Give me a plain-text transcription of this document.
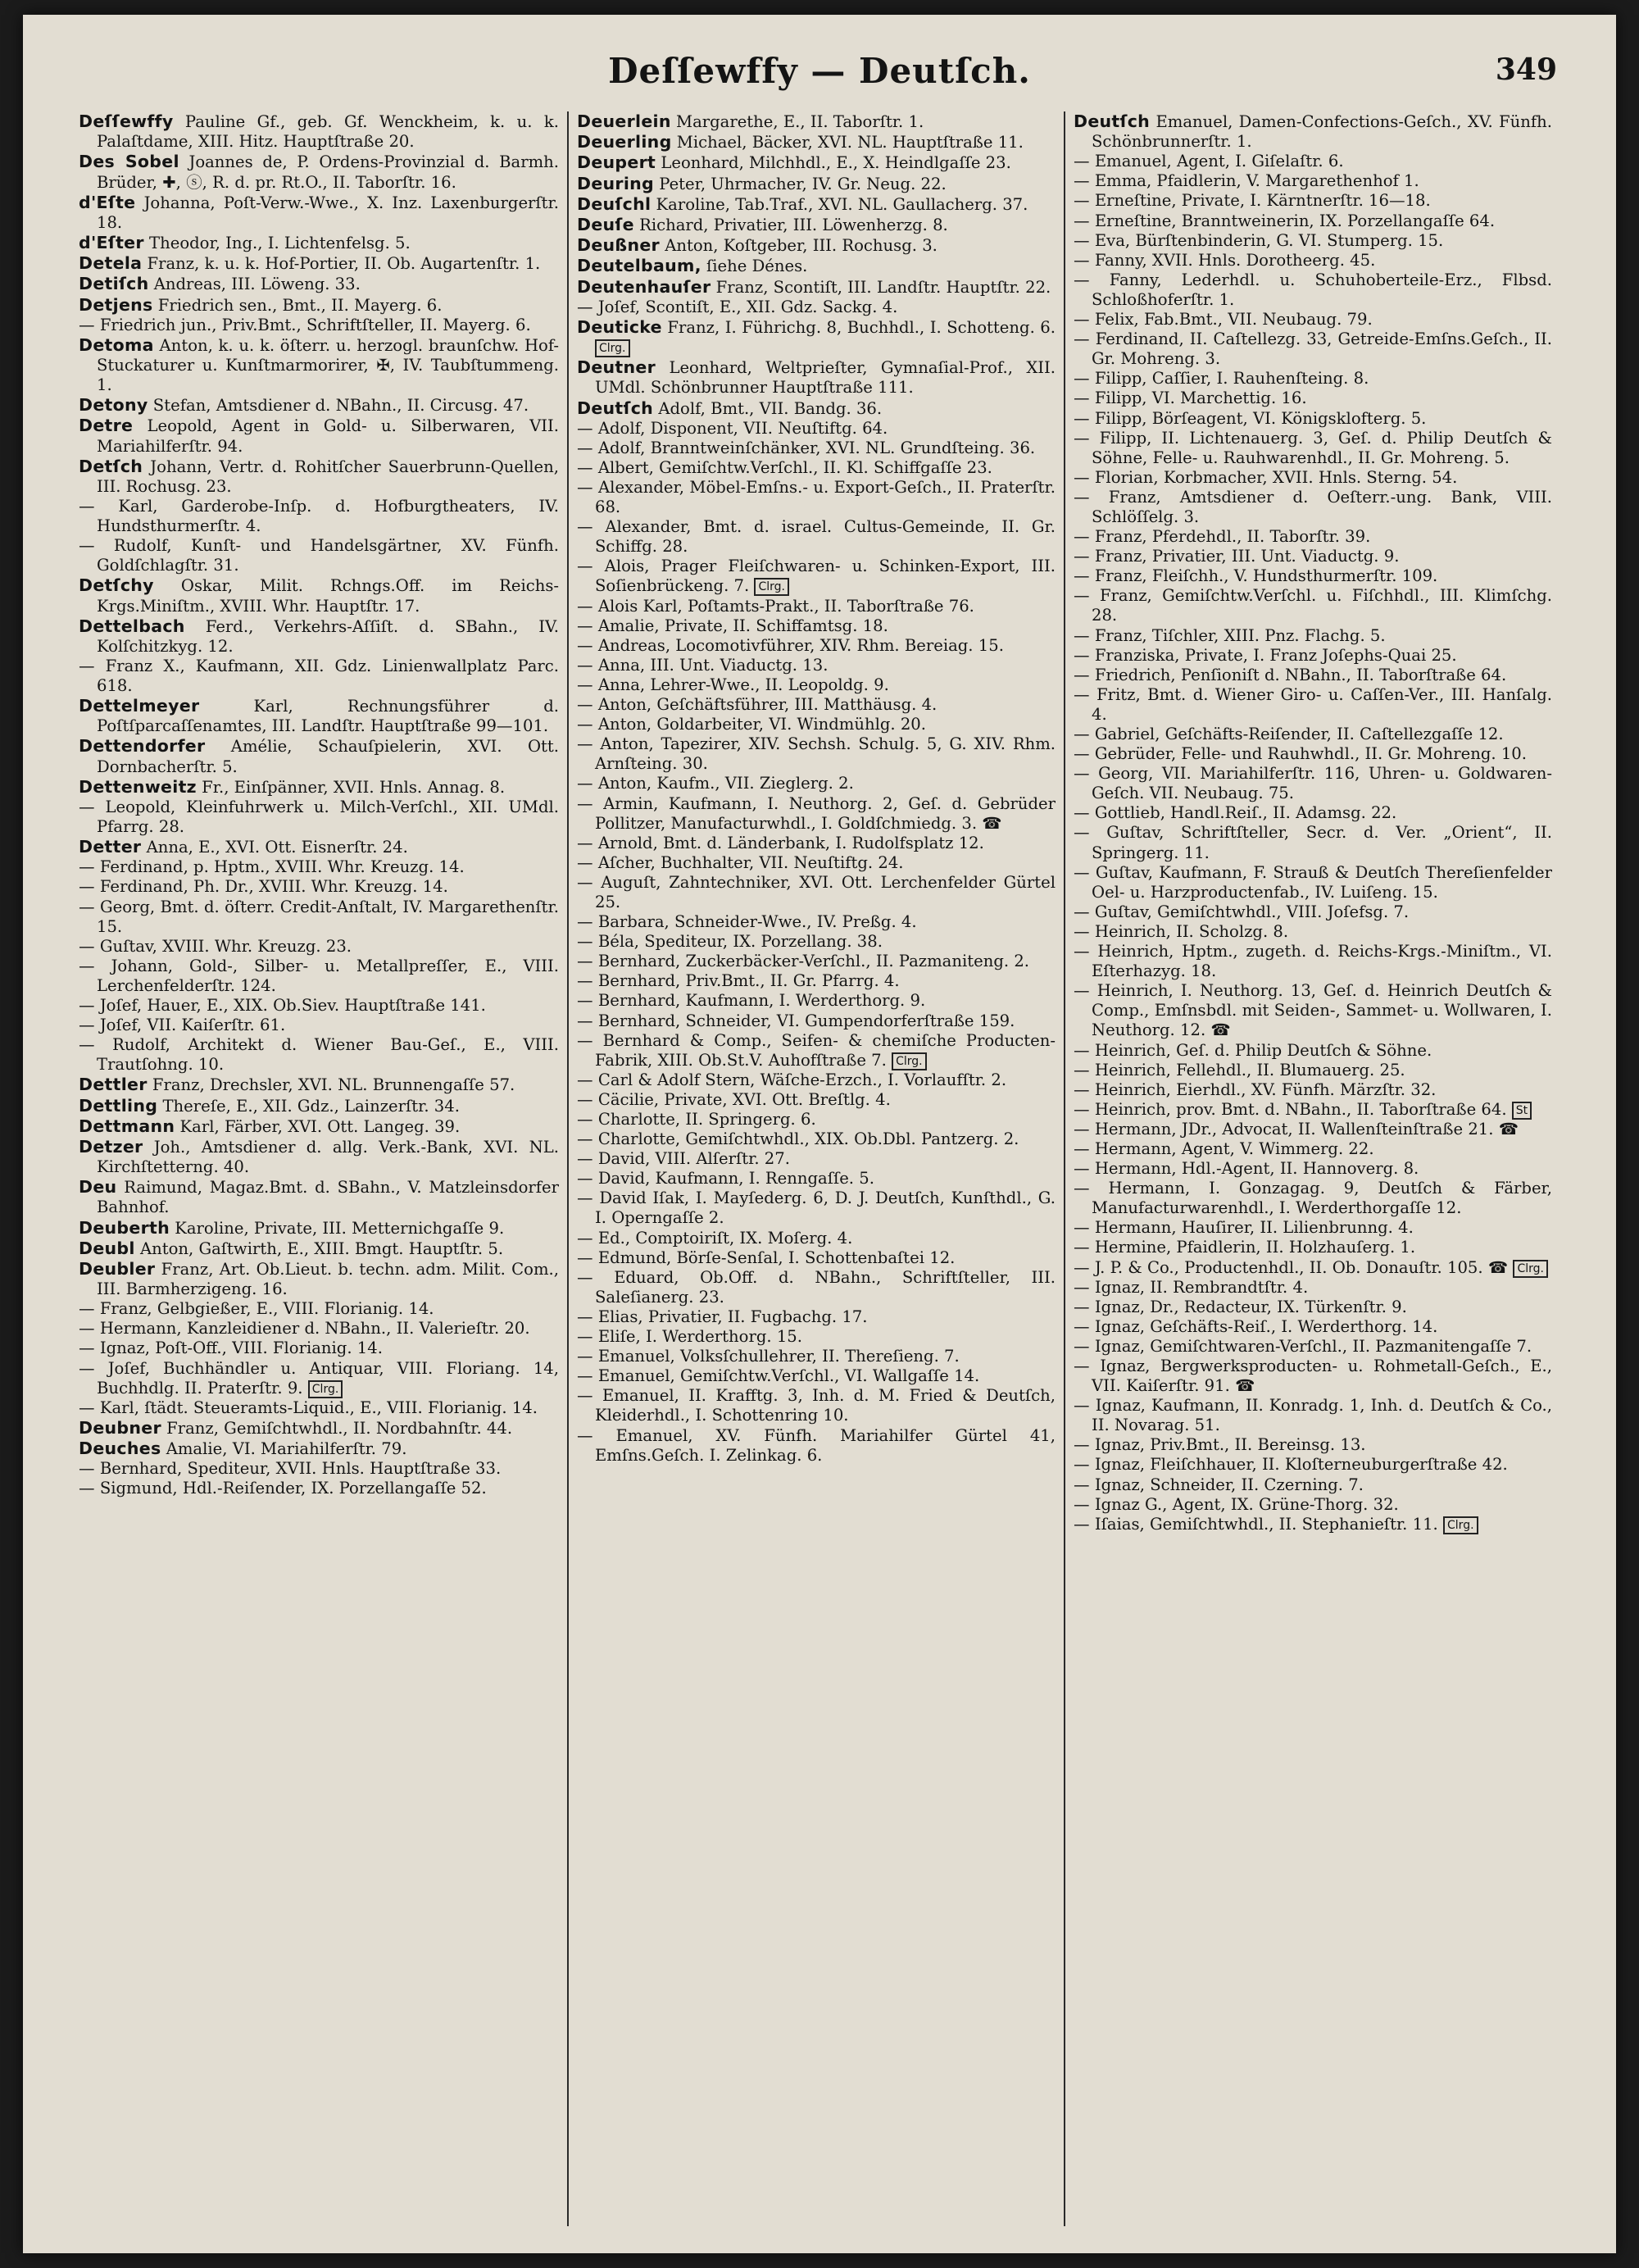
Deſſewffy — Deutſch.	349

Deſſewffy Pauline Gf., geb. Gf. Wenckheim, k. u. k. Palaſtdame, XIII. Hitz. Hauptſtraße 20.

Des Sobel Joannes de, P. Ordens-Provinzial d. Barmh. Brüder, ✚, ⓢ, R. d. pr. Rt.O., II. Taborſtr. 16.

d'Eſte Johanna, Poſt-Verw.-Wwe., X. Inz. Laxenburgerſtr. 18.

d'Eſter Theodor, Ing., I. Lichtenfelsg. 5.

Detela Franz, k. u. k. Hof-Portier, II. Ob. Augartenſtr. 1.

Detiſch Andreas, III. Löweng. 33.

Detjens Friedrich sen., Bmt., II. Mayerg. 6.

— Friedrich jun., Priv.Bmt., Schriftſteller, II. Mayerg. 6.

Detoma Anton, k. u. k. öſterr. u. herzogl. braunſchw. Hof-Stuckaturer u. Kunſtmarmorirer, ✠, IV. Taubſtummeng. 1.

Detony Stefan, Amtsdiener d. NBahn., II. Circusg. 47.

Detre Leopold, Agent in Gold- u. Silberwaren, VII. Mariahilferſtr. 94.

Detſch Johann, Vertr. d. Rohitſcher Sauerbrunn-Quellen, III. Rochusg. 23.

— Karl, Garderobe-Inſp. d. Hofburgtheaters, IV. Hundsthurmerſtr. 4.

— Rudolf, Kunſt- und Handelsgärtner, XV. Fünfh. Goldſchlagſtr. 31.

Detſchy Oskar, Milit. Rchngs.Off. im Reichs-Krgs.Miniſtm., XVIII. Whr. Hauptſtr. 17.

Dettelbach Ferd., Verkehrs-Aſſiſt. d. SBahn., IV. Kolſchitzkyg. 12.

— Franz X., Kaufmann, XII. Gdz. Linienwallplatz Parc. 618.

Dettelmeyer	Karl, Rechnungsführer d. Poſtſparcaſſenamtes, III. Landſtr. Hauptſtraße 99—101.

Dettendorfer Amélie, Schauſpielerin, XVI. Ott. Dornbacherſtr. 5.

Dettenweitz Fr., Einſpänner, XVII. Hnls. Annag. 8.

— Leopold, Kleinfuhrwerk u. Milch-Verſchl., XII. UMdl. Pfarrg. 28.

Detter Anna, E., XVI. Ott. Eisnerſtr. 24.

— Ferdinand, p. Hptm., XVIII. Whr. Kreuzg. 14.

— Ferdinand, Ph. Dr., XVIII. Whr. Kreuzg. 14.

— Georg, Bmt. d. öſterr. Credit-Anſtalt, IV. Margarethenſtr. 15.

— Guſtav, XVIII. Whr. Kreuzg. 23.

— Johann, Gold-, Silber- u. Metallpreſſer, E., VIII. Lerchenfelderſtr. 124.

— Joſef, Hauer, E., XIX. Ob.Siev. Hauptſtraße 141.

— Joſef, VII. Kaiſerſtr. 61.

— Rudolf, Architekt d. Wiener Bau-Geſ., E., VIII. Trautſohng. 10.

Dettler Franz, Drechsler, XVI. NL. Brunnengaſſe 57.

Dettling Thereſe, E., XII. Gdz., Lainzerſtr. 34.

Dettmann Karl, Färber, XVI. Ott. Langeg. 39.

Detzer Joh., Amtsdiener d. allg. Verk.-Bank, XVI. NL. Kirchſtetterng. 40.

Deu Raimund, Magaz.Bmt. d. SBahn., V. Matzleinsdorfer Bahnhof.

Deuberth Karoline, Private, III. Metternichgaſſe 9.

Deubl Anton, Gaſtwirth, E., XIII. Bmgt. Hauptſtr. 5.

Deubler Franz, Art. Ob.Lieut. b. techn. adm. Milit. Com., III. Barmherzigeng. 16.

— Franz, Gelbgießer, E., VIII. Florianig. 14.

— Hermann, Kanzleidiener d. NBahn., II. Valerieſtr. 20.

— Ignaz, Poſt-Off., VIII. Florianig. 14.

— Joſef, Buchhändler u. Antiquar, VIII. Floriang. 14, Buchhdlg. II. Praterſtr. 9. Clrg.

— Karl, ſtädt. Steueramts-Liquid., E., VIII. Florianig. 14.

Deubner Franz, Gemiſchtwhdl., II. Nordbahnſtr. 44.

Deuches Amalie, VI. Mariahilferſtr. 79.

— Bernhard, Spediteur, XVII. Hnls. Hauptſtraße 33.

— Sigmund, Hdl.-Reiſender, IX. Porzellangaſſe 52.

Deuerlein Margarethe, E., II. Taborſtr. 1.

Deuerling Michael, Bäcker, XVI. NL. Hauptſtraße 11.

Deupert Leonhard, Milchhdl., E., X. Heindlgaſſe 23.

Deuring Peter, Uhrmacher, IV. Gr. Neug. 22.

Deuſchl Karoline, Tab.Traf., XVI. NL. Gaullacherg. 37.

Deuſe Richard, Privatier, III. Löwenherzg. 8.

Deußner Anton, Koſtgeber, III. Rochusg. 3.

Deutelbaum, ſiehe Dénes.

Deutenhauſer Franz, Scontiſt, III. Landſtr. Hauptſtr. 22.

— Joſef, Scontiſt, E., XII. Gdz. Sackg. 4.

Deuticke Franz, I. Führichg. 8, Buchhdl., I. Schotteng. 6. Clrg.

Deutner Leonhard, Weltprieſter, Gymnaſial-Prof., XII. UMdl. Schönbrunner Hauptſtraße 111.

Deutſch Adolf, Bmt., VII. Bandg. 36.

— Adolf, Disponent, VII. Neuſtiftg. 64.

— Adolf, Branntweinſchänker, XVI. NL. Grundſteing. 36.

— Albert, Gemiſchtw.Verſchl., II. Kl. Schiffgaſſe 23.

— Alexander, Möbel-Emſns.- u. Export-Geſch., II. Praterſtr. 68.

— Alexander, Bmt. d. israel. Cultus-Gemeinde, II. Gr. Schiffg. 28.

— Alois, Prager Fleiſchwaren- u. Schinken-Export, III. Soſienbrückeng. 7. Clrg.

— Alois Karl, Poſtamts-Prakt., II. Taborſtraße 76.

— Amalie, Private, II. Schiffamtsg. 18.

— Andreas, Locomotivführer, XIV. Rhm. Bereiag. 15.

— Anna, III. Unt. Viaductg. 13.

— Anna, Lehrer-Wwe., II. Leopoldg. 9.

— Anton, Geſchäftsführer, III. Matthäusg. 4.

— Anton, Goldarbeiter, VI. Windmühlg. 20.

— Anton, Tapezirer, XIV. Sechsh. Schulg. 5, G. XIV. Rhm. Arnſteing. 30.

— Anton, Kaufm., VII. Zieglerg. 2.

— Armin, Kaufmann, I. Neuthorg. 2, Geſ. d. Gebrüder Pollitzer, Manufacturwhdl., I. Goldſchmiedg. 3. ☎

— Arnold, Bmt. d. Länderbank, I. Rudolfsplatz 12.

— Aſcher, Buchhalter, VII. Neuſtiftg. 24.

— Auguſt, Zahntechniker, XVI. Ott. Lerchenfelder Gürtel 25.

— Barbara, Schneider-Wwe., IV. Preßg. 4.

— Béla, Spediteur, IX. Porzellang. 38.

— Bernhard, Zuckerbäcker-Verſchl., II. Pazmaniteng. 2.

— Bernhard, Priv.Bmt., II. Gr. Pfarrg. 4.

— Bernhard, Kaufmann, I. Werderthorg. 9.

— Bernhard, Schneider, VI. Gumpendorferſtraße 159.

— Bernhard & Comp., Seifen- & chemiſche Producten-Fabrik, XIII. Ob.St.V. Auhofſtraße 7. Clrg.

— Carl & Adolf Stern, Wäſche-Erzch., I. Vorlaufſtr. 2.

— Cäcilie, Private, XVI. Ott. Breſtlg. 4.

— Charlotte, II. Springerg. 6.

— Charlotte, Gemiſchtwhdl., XIX. Ob.Dbl. Pantzerg. 2.

— David, VIII. Alſerſtr. 27.

— David, Kaufmann, I. Renngaſſe. 5.

— David Iſak, I. Mayſederg. 6, D. J. Deutſch, Kunſthdl., G. I. Operngaſſe 2.

— Ed., Comptoiriſt, IX. Moſerg. 4.

— Edmund, Börſe-Senſal, I. Schottenbaſtei 12.

— Eduard, Ob.Off. d. NBahn., Schriftſteller, III. Saleſianerg. 23.

— Elias, Privatier, II. Fugbachg. 17.

— Eliſe, I. Werderthorg. 15.

— Emanuel, Volksſchullehrer, II. Thereſieng. 7.

— Emanuel, Gemiſchtw.Verſchl., VI. Wallgaſſe 14.

— Emanuel, II. Krafftg. 3, Inh. d. M. Fried & Deutſch, Kleiderhdl., I. Schottenring 10.

— Emanuel, XV. Fünfh. Mariahilfer Gürtel 41, Emſns.Geſch. I. Zelinkag. 6.

Deutſch Emanuel, Damen-Confections-Geſch., XV. Fünfh. Schönbrunnerſtr. 1.

— Emanuel, Agent, I. Giſelaſtr. 6.

— Emma, Pfaidlerin, V. Margarethenhof 1.

— Erneſtine, Private, I. Kärntnerſtr. 16—18.

— Erneſtine, Branntweinerin, IX. Porzellangaſſe 64.

— Eva, Bürſtenbinderin, G. VI. Stumperg. 15.

— Fanny, XVII. Hnls. Dorotheerg. 45.

— Fanny, Lederhdl. u. Schuhoberteile-Erz., Flbsd. Schloßhoferſtr. 1.

— Felix, Fab.Bmt., VII. Neubaug. 79.

— Ferdinand, II. Caſtellezg. 33, Getreide-Emſns.Geſch., II. Gr. Mohreng. 3.

— Filipp, Caſſier, I. Rauhenſteing. 8.

— Filipp, VI. Marchettig. 16.

— Filipp, Börſeagent, VI. Königsklofterg. 5.

— Filipp, II. Lichtenauerg. 3, Geſ. d. Philip Deutſch & Söhne, Felle- u. Rauhwarenhdl., II. Gr. Mohreng. 5.

— Florian, Korbmacher, XVII. Hnls. Sterng. 54.

— Franz, Amtsdiener d. Oeſterr.-ung. Bank, VIII. Schlöſſelg. 3.

— Franz, Pferdehdl., II. Taborſtr. 39.

— Franz, Privatier, III. Unt. Viaductg. 9.

— Franz, Fleiſchh., V. Hundsthurmerſtr. 109.

— Franz, Gemiſchtw.Verſchl. u. Fiſchhdl., III. Klimſchg. 28.

— Franz, Tiſchler, XIII. Pnz. Flachg. 5.

— Franziska, Private, I. Franz Joſephs-Quai 25.

— Friedrich, Penſioniſt d. NBahn., II. Taborſtraße 64.

— Fritz, Bmt. d. Wiener Giro- u. Caſſen-Ver., III. Hanſalg. 4.

— Gabriel, Geſchäfts-Reiſender, II. Caſtellezgaſſe 12.

— Gebrüder, Felle- und Rauhwhdl., II. Gr. Mohreng. 10.

— Georg, VII. Mariahilferſtr. 116, Uhren- u. Goldwaren-Geſch. VII. Neubaug. 75.

— Gottlieb, Handl.Reiſ., II. Adamsg. 22.

— Guſtav, Schriftſteller, Secr. d. Ver. „Orient“, II. Springerg. 11.

— Guſtav, Kaufmann, F. Strauß & Deutſch Thereſienfelder Oel- u. Harzproductenfab., IV. Luiſeng. 15.

— Guſtav, Gemiſchtwhdl., VIII. Joſefsg. 7.

— Heinrich, II. Scholzg. 8.

— Heinrich, Hptm., zugeth. d. Reichs-Krgs.-Miniſtm., VI. Eſterhazyg. 18.

— Heinrich, I. Neuthorg. 13, Geſ. d. Heinrich Deutſch & Comp., Emſnsbdl. mit Seiden-, Sammet- u. Wollwaren, I. Neuthorg. 12. ☎

— Heinrich, Geſ. d. Philip Deutſch & Söhne.

— Heinrich, Fellehdl., II. Blumauerg. 25.

— Heinrich, Eierhdl., XV. Fünfh. Märzſtr. 32.

— Heinrich, prov. Bmt. d. NBahn., II. Taborſtraße 64. St

— Hermann, JDr., Advocat, II. Wallenſteinſtraße 21. ☎

— Hermann, Agent, V. Wimmerg. 22.

— Hermann, Hdl.-Agent, II. Hannoverg. 8.

— Hermann, I. Gonzagag. 9, Deutſch & Färber, Manufacturwarenhdl., I. Werderthorgaſſe 12.

— Hermann, Hauſirer, II. Lilienbrunng. 4.

— Hermine, Pfaidlerin, II. Holzhauſerg. 1.

— J. P. & Co., Productenhdl., II. Ob. Donauſtr. 105. ☎ Clrg.

— Ignaz, II. Rembrandtſtr. 4.

— Ignaz, Dr., Redacteur, IX. Türkenſtr. 9.

— Ignaz, Geſchäfts-Reiſ., I. Werderthorg. 14.

— Ignaz, Gemiſchtwaren-Verſchl., II. Pazmanitengaſſe 7.

— Ignaz, Bergwerksproducten- u. Rohmetall-Geſch., E., VII. Kaiſerſtr. 91. ☎

— Ignaz, Kaufmann, II. Konradg. 1, Inh. d. Deutſch & Co., II. Novarag. 51.

— Ignaz, Priv.Bmt., II. Bereinsg. 13.

— Ignaz, Fleiſchhauer, II. Kloſterneuburgerſtraße 42.

— Ignaz, Schneider, II. Czerning. 7.

— Ignaz G., Agent, IX. Grüne-Thorg. 32.

— Iſaias, Gemiſchtwhdl., II. Stephanieſtr. 11. Clrg.
